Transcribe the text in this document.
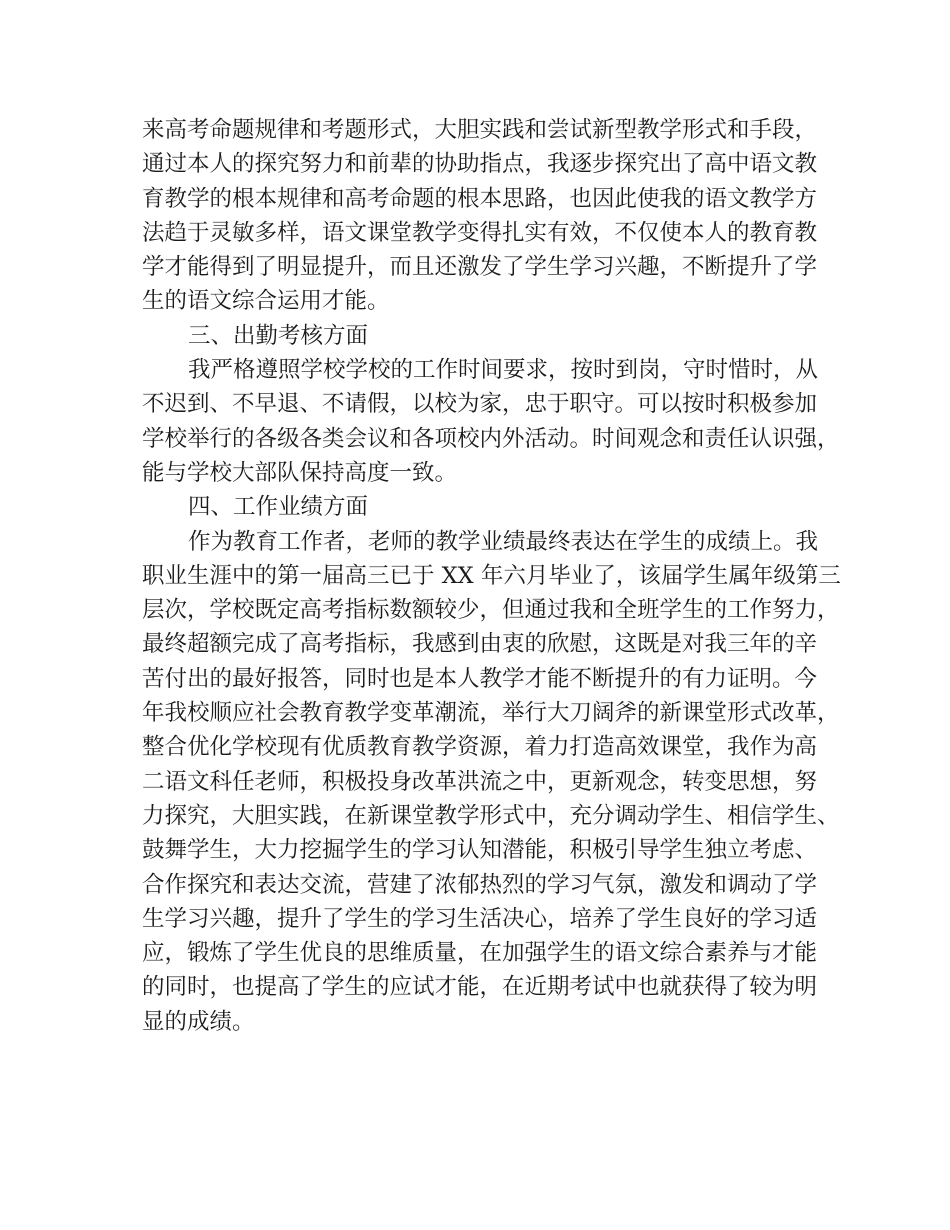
来高考命题规律和考题形式，大胆实践和尝试新型教学形式和手段，
通过本人的探究努力和前辈的协助指点，我逐步探究出了高中语文教
育教学的根本规律和高考命题的根本思路，也因此使我的语文教学方
法趋于灵敏多样，语文课堂教学变得扎实有效，不仅使本人的教育教
学才能得到了明显提升，而且还激发了学生学习兴趣，不断提升了学
生的语文综合运用才能。
三、出勤考核方面
我严格遵照学校学校的工作时间要求，按时到岗，守时惜时，从
不迟到、不早退、不请假，以校为家，忠于职守。可以按时积极参加
学校举行的各级各类会议和各项校内外活动。时间观念和责任认识强，
能与学校大部队保持高度一致。
四、工作业绩方面
作为教育工作者，老师的教学业绩最终表达在学生的成绩上。我
职业生涯中的第一届高三已于 XX 年六月毕业了，该届学生属年级第三
层次，学校既定高考指标数额较少，但通过我和全班学生的工作努力，
最终超额完成了高考指标，我感到由衷的欣慰，这既是对我三年的辛
苦付出的最好报答，同时也是本人教学才能不断提升的有力证明。今
年我校顺应社会教育教学变革潮流，举行大刀阔斧的新课堂形式改革，
整合优化学校现有优质教育教学资源，着力打造高效课堂，我作为高
二语文科任老师，积极投身改革洪流之中，更新观念，转变思想，努
力探究，大胆实践，在新课堂教学形式中，充分调动学生、相信学生、
鼓舞学生，大力挖掘学生的学习认知潜能，积极引导学生独立考虑、
合作探究和表达交流，营建了浓郁热烈的学习气氛，激发和调动了学
生学习兴趣，提升了学生的学习生活决心，培养了学生良好的学习适
应，锻炼了学生优良的思维质量，在加强学生的语文综合素养与才能
的同时，也提高了学生的应试才能，在近期考试中也就获得了较为明
显的成绩。
